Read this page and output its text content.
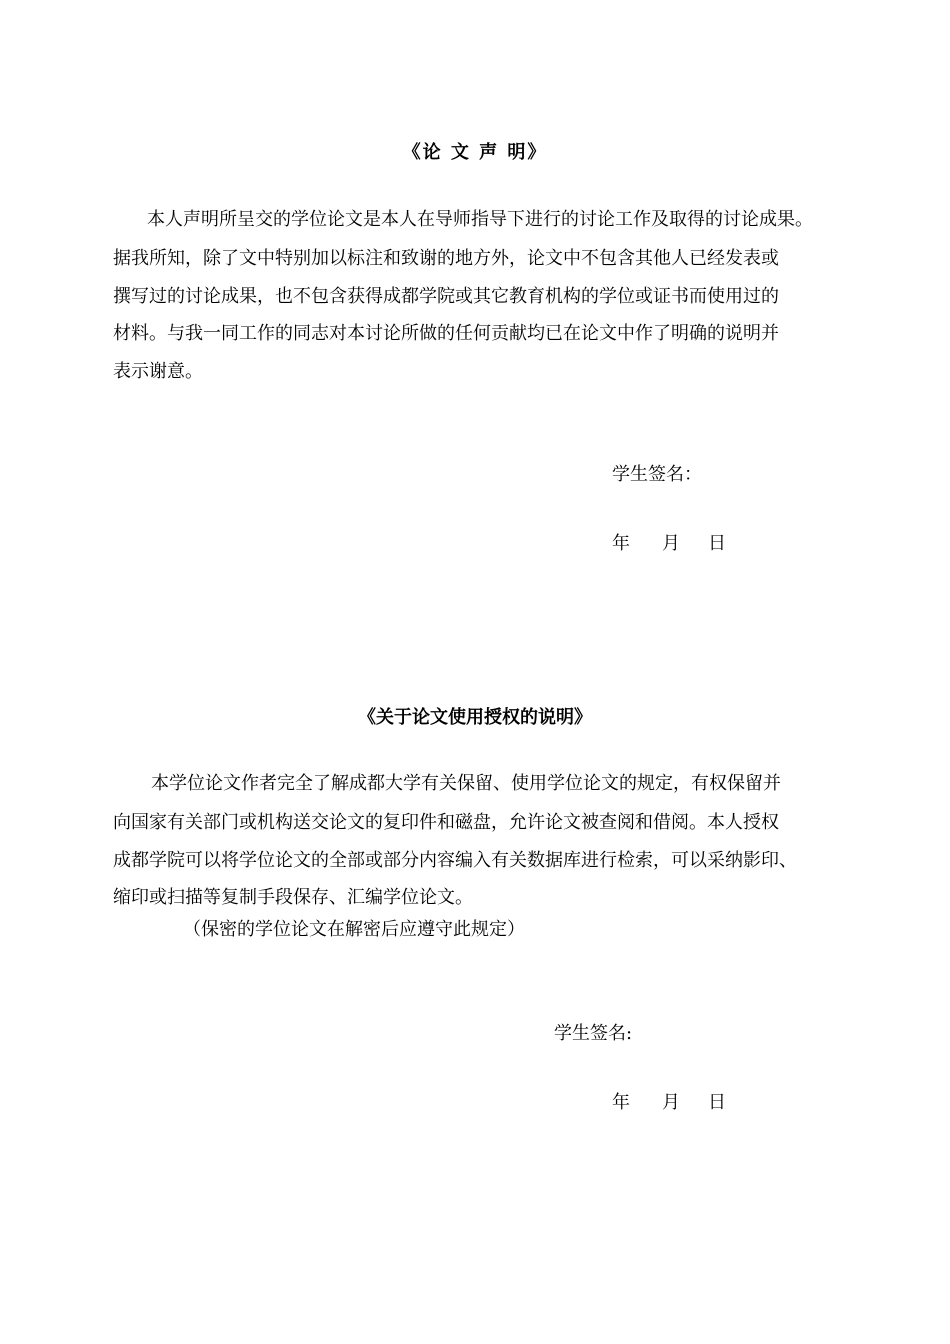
《论 文 声 明》
本人声明所呈交的学位论文是本人在导师指导下进行的讨论工作及取得的讨论成果。
据我所知，除了文中特别加以标注和致谢的地方外，论文中不包含其他人已经发表或
撰写过的讨论成果，也不包含获得成都学院或其它教育机构的学位或证书而使用过的
材料。与我一同工作的同志对本讨论所做的任何贡献均已在论文中作了明确的说明并
表示谢意。
学生签名：
年 月 日
《关于论文使用授权的说明》
本学位论文作者完全了解成都大学有关保留、使用学位论文的规定，有权保留并
向国家有关部门或机构送交论文的复印件和磁盘，允许论文被查阅和借阅。本人授权
成都学院可以将学位论文的全部或部分内容编入有关数据库进行检索，可以采纳影印、
缩印或扫描等复制手段保存、汇编学位论文。
（保密的学位论文在解密后应遵守此规定）
学生签名:
年 月 日
